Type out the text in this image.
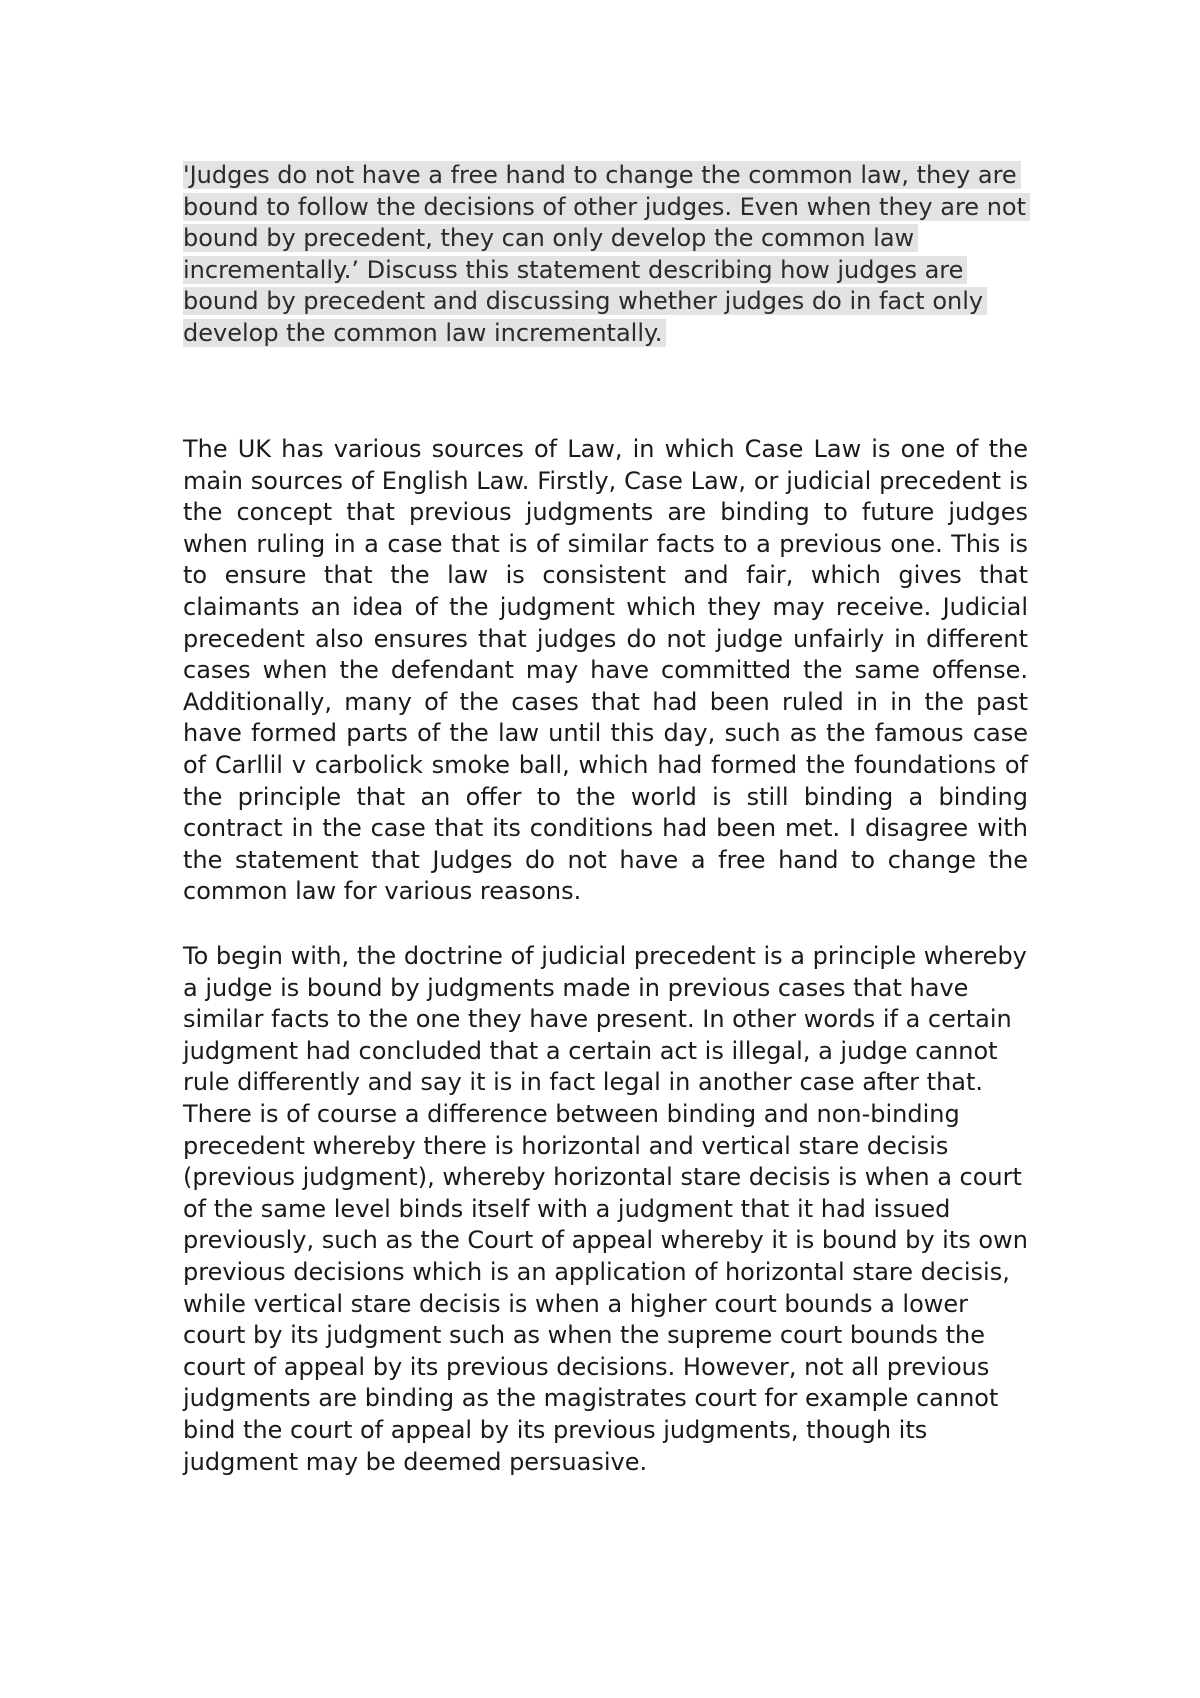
'Judges do not have a free hand to change the common law, they are bound to follow the decisions of other judges. Even when they are not bound by precedent, they can only develop the common law incrementally.’ Discuss this statement describing how judges are bound by precedent and discussing whether judges do in fact only develop the common law incrementally.

The UK has various sources of Law, in which Case Law is one of the main sources of English Law. Firstly, Case Law, or judicial precedent is the concept that previous judgments are binding to future judges when ruling in a case that is of similar facts to a previous one. This is to ensure that the law is consistent and fair, which gives that claimants an idea of the judgment which they may receive. Judicial precedent also ensures that judges do not judge unfairly in different cases when the defendant may have committed the same offense. Additionally, many of the cases that had been ruled in in the past have formed parts of the law until this day, such as the famous case of Carllil v carbolick smoke ball, which had formed the foundations of the principle that an offer to the world is still binding a binding contract in the case that its conditions had been met. I disagree with the statement that Judges do not have a free hand to change the common law for various reasons.

To begin with, the doctrine of judicial precedent is a principle whereby a judge is bound by judgments made in previous cases that have similar facts to the one they have present. In other words if a certain judgment had concluded that a certain act is illegal, a judge cannot rule differently and say it is in fact legal in another case after that. There is of course a difference between binding and non-binding precedent whereby there is horizontal and vertical stare decisis (previous judgment), whereby horizontal stare decisis is when a court of the same level binds itself with a judgment that it had issued previously, such as the Court of appeal whereby it is bound by its own previous decisions which is an application of horizontal stare decisis, while vertical stare decisis is when a higher court bounds a lower court by its judgment such as when the supreme court bounds the court of appeal by its previous decisions. However, not all previous judgments are binding as the magistrates court for example cannot bind the court of appeal by its previous judgments, though its judgment may be deemed persuasive.
